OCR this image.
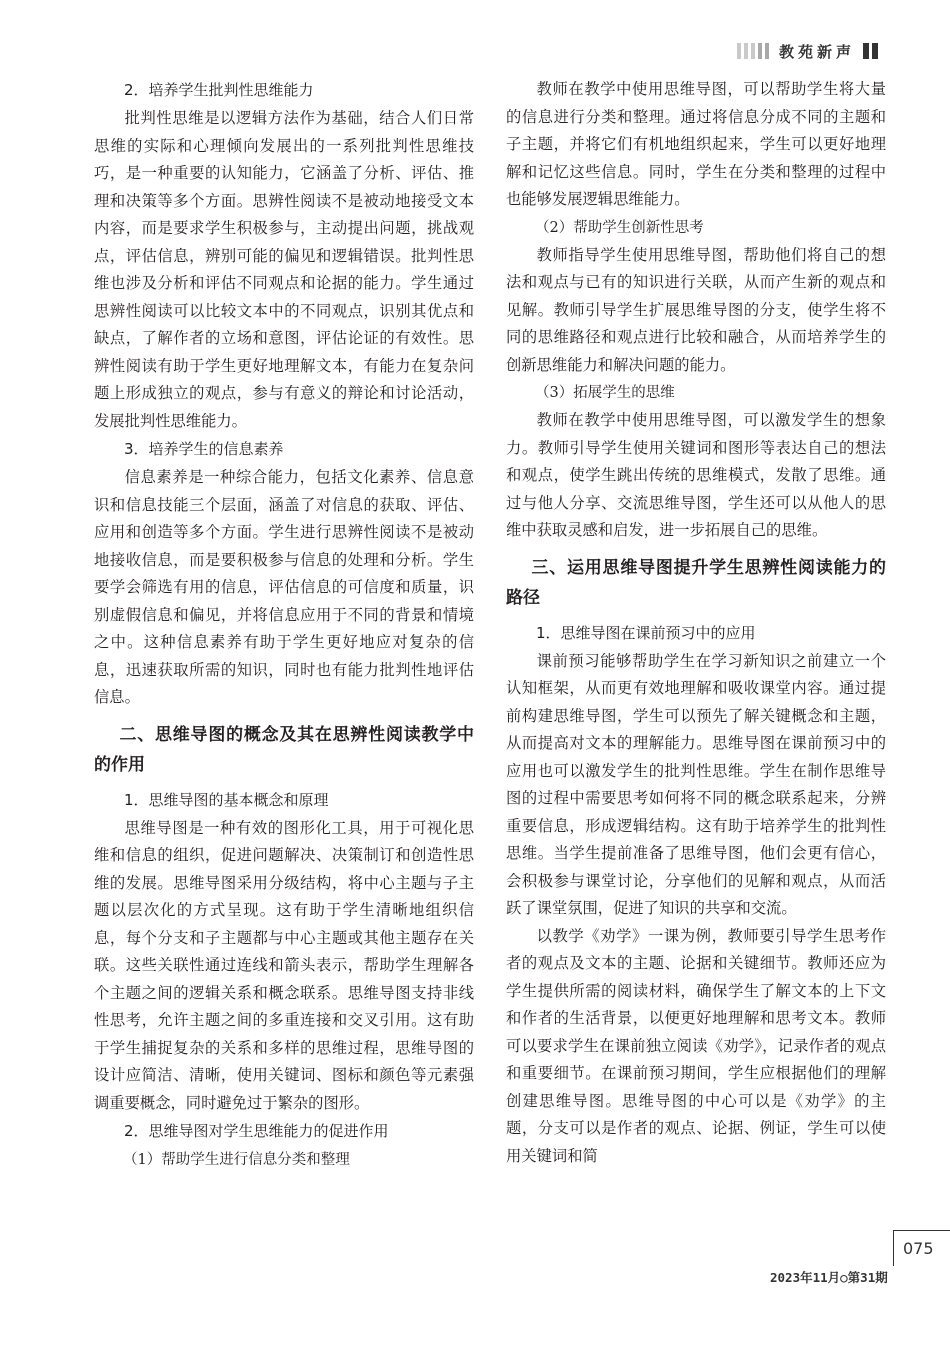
教苑新声
2．培养学生批判性思维能力

批判性思维是以逻辑方法作为基础，结合人们日常思维的实际和心理倾向发展出的一系列批判性思维技巧，是一种重要的认知能力，它涵盖了分析、评估、推理和决策等多个方面。思辨性阅读不是被动地接受文本内容，而是要求学生积极参与，主动提出问题，挑战观点，评估信息，辨别可能的偏见和逻辑错误。批判性思维也涉及分析和评估不同观点和论据的能力。学生通过思辨性阅读可以比较文本中的不同观点，识别其优点和缺点，了解作者的立场和意图，评估论证的有效性。思辨性阅读有助于学生更好地理解文本，有能力在复杂问题上形成独立的观点，参与有意义的辩论和讨论活动，发展批判性思维能力。

3．培养学生的信息素养

信息素养是一种综合能力，包括文化素养、信息意识和信息技能三个层面，涵盖了对信息的获取、评估、应用和创造等多个方面。学生进行思辨性阅读不是被动地接收信息，而是要积极参与信息的处理和分析。学生要学会筛选有用的信息，评估信息的可信度和质量，识别虚假信息和偏见，并将信息应用于不同的背景和情境之中。这种信息素养有助于学生更好地应对复杂的信息，迅速获取所需的知识，同时也有能力批判性地评估信息。

二、思维导图的概念及其在思辨性阅读教学中的作用
1．思维导图的基本概念和原理

思维导图是一种有效的图形化工具，用于可视化思维和信息的组织，促进问题解决、决策制订和创造性思维的发展。思维导图采用分级结构，将中心主题与子主题以层次化的方式呈现。这有助于学生清晰地组织信息，每个分支和子主题都与中心主题或其他主题存在关联。这些关联性通过连线和箭头表示，帮助学生理解各个主题之间的逻辑关系和概念联系。思维导图支持非线性思考，允许主题之间的多重连接和交叉引用。这有助于学生捕捉复杂的关系和多样的思维过程，思维导图的设计应简洁、清晰，使用关键词、图标和颜色等元素强调重要概念，同时避免过于繁杂的图形。

2．思维导图对学生思维能力的促进作用
（1）帮助学生进行信息分类和整理

教师在教学中使用思维导图，可以帮助学生将大量的信息进行分类和整理。通过将信息分成不同的主题和子主题，并将它们有机地组织起来，学生可以更好地理解和记忆这些信息。同时，学生在分类和整理的过程中也能够发展逻辑思维能力。

（2）帮助学生创新性思考

教师指导学生使用思维导图，帮助他们将自己的想法和观点与已有的知识进行关联，从而产生新的观点和见解。教师引导学生扩展思维导图的分支，使学生将不同的思维路径和观点进行比较和融合，从而培养学生的创新思维能力和解决问题的能力。

（3）拓展学生的思维

教师在教学中使用思维导图，可以激发学生的想象力。教师引导学生使用关键词和图形等表达自己的想法和观点，使学生跳出传统的思维模式，发散了思维。通过与他人分享、交流思维导图，学生还可以从他人的思维中获取灵感和启发，进一步拓展自己的思维。

三、运用思维导图提升学生思辨性阅读能力的路径
1．思维导图在课前预习中的应用

课前预习能够帮助学生在学习新知识之前建立一个认知框架，从而更有效地理解和吸收课堂内容。通过提前构建思维导图，学生可以预先了解关键概念和主题，从而提高对文本的理解能力。思维导图在课前预习中的应用也可以激发学生的批判性思维。学生在制作思维导图的过程中需要思考如何将不同的概念联系起来，分辨重要信息，形成逻辑结构。这有助于培养学生的批判性思维。当学生提前准备了思维导图，他们会更有信心，会积极参与课堂讨论，分享他们的见解和观点，从而活跃了课堂氛围，促进了知识的共享和交流。

以教学《劝学》一课为例，教师要引导学生思考作者的观点及文本的主题、论据和关键细节。教师还应为学生提供所需的阅读材料，确保学生了解文本的上下文和作者的生活背景，以便更好地理解和思考文本。教师可以要求学生在课前独立阅读《劝学》，记录作者的观点和重要细节。在课前预习期间，学生应根据他们的理解创建思维导图。思维导图的中心可以是《劝学》的主题，分支可以是作者的观点、论据、例证，学生可以使用关键词和简

075
2023年11月○第31期
